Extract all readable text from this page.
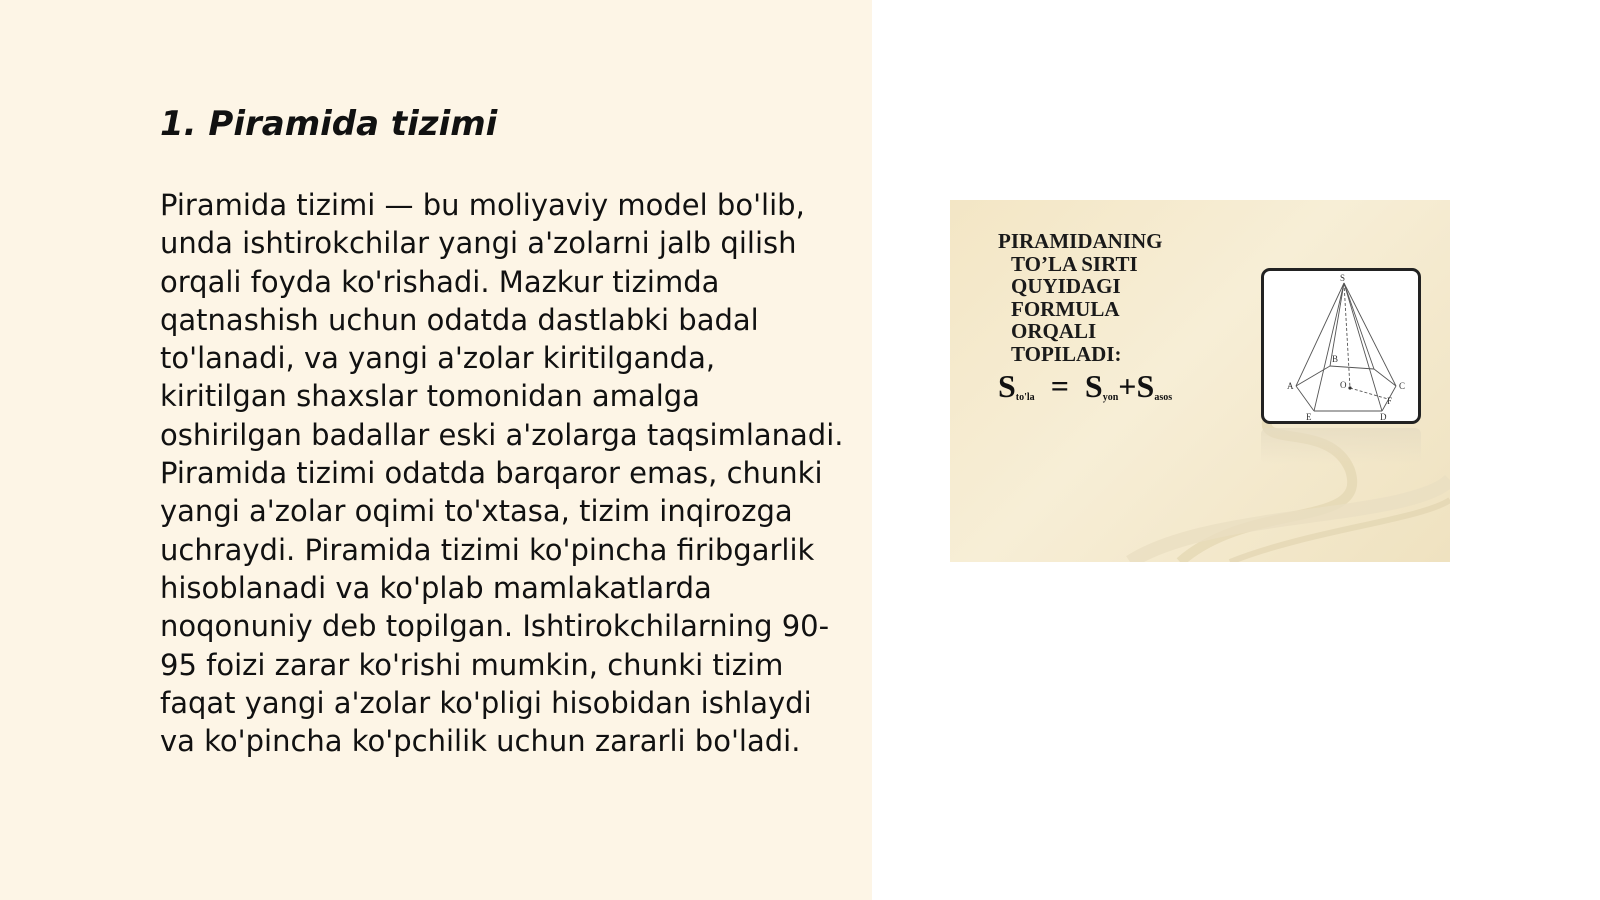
1. Piramida tizimi

Piramida tizimi — bu moliyaviy model bo'lib, unda ishtirokchilar yangi a'zolarni jalb qilish orqali foyda ko'rishadi. Mazkur tizimda qatnashish uchun odatda dastlabki badal to'lanadi, va yangi a'zolar kiritilganda, kiritilgan shaxslar tomonidan amalga oshirilgan badallar eski a'zolarga taqsimlanadi. Piramida tizimi odatda barqaror emas, chunki yangi a'zolar oqimi to'xtasa, tizim inqirozga uchraydi. Piramida tizimi ko'pincha firibgarlik hisoblanadi va ko'plab mamlakatlarda noqonuniy deb topilgan. Ishtirokchilarning 90-95 foizi zarar ko'rishi mumkin, chunki tizim faqat yangi a'zolar ko'pligi hisobidan ishlaydi va ko'pincha ko'pchilik uchun zararli bo'ladi.

PIRAMIDANING
TO’LA SIRTI
QUYIDAGI
FORMULA
ORQALI
TOPILADI:
$S_{to'la} = S_{yon}+S_{asos}$
S
A
B
C
D
E
F
O
